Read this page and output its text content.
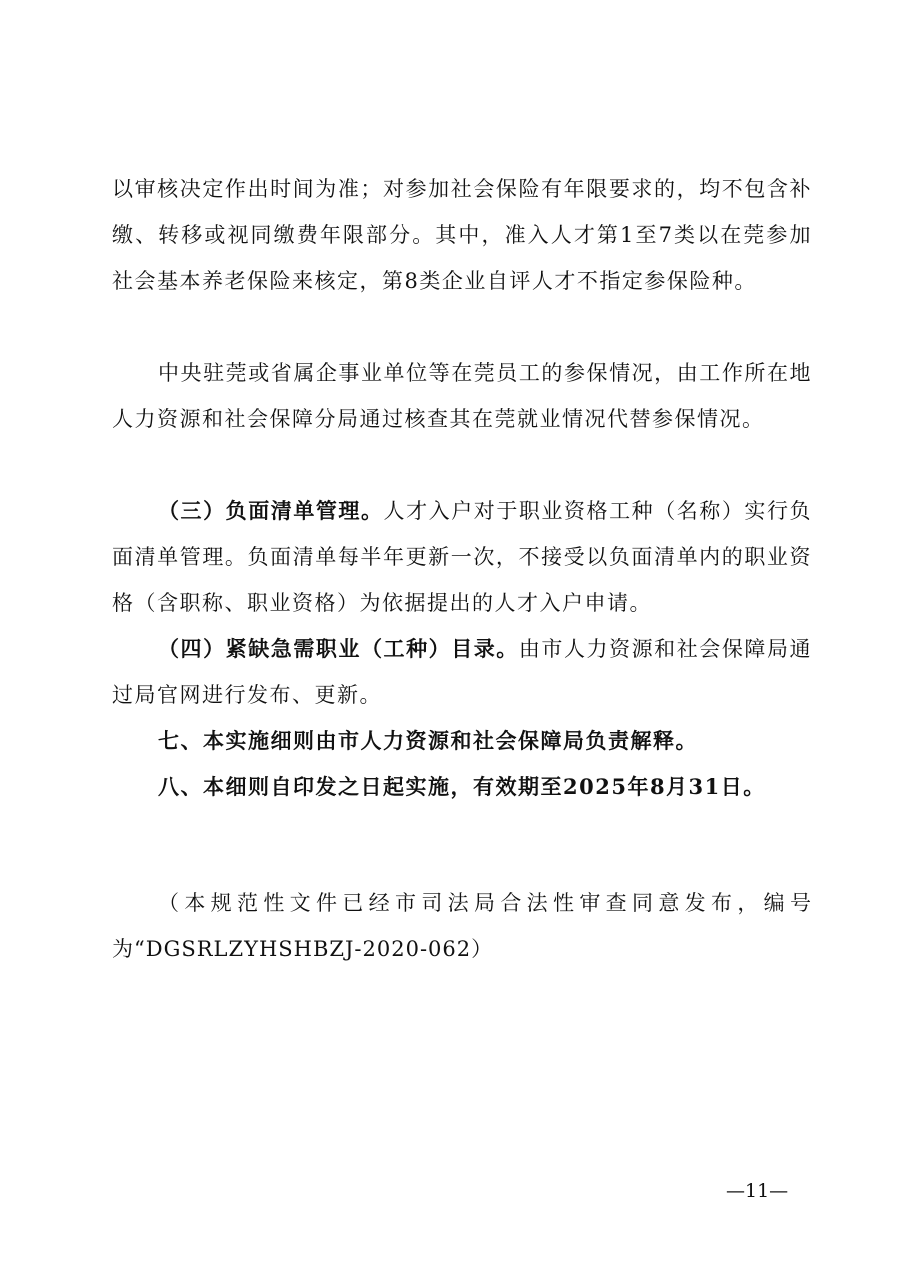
以审核决定作出时间为准；对参加社会保险有年限要求的，均不包含补缴、转移或视同缴费年限部分。其中，准入人才第1至7类以在莞参加社会基本养老保险来核定，第8类企业自评人才不指定参保险种。

中央驻莞或省属企事业单位等在莞员工的参保情况，由工作所在地人力资源和社会保障分局通过核查其在莞就业情况代替参保情况。

（三）负面清单管理。人才入户对于职业资格工种（名称）实行负面清单管理。负面清单每半年更新一次，不接受以负面清单内的职业资格（含职称、职业资格）为依据提出的人才入户申请。

（四）紧缺急需职业（工种）目录。由市人力资源和社会保障局通过局官网进行发布、更新。

七、本实施细则由市人力资源和社会保障局负责解释。

八、本细则自印发之日起实施，有效期至2025年8月31日。

（本规范性文件已经市司法局合法性审查同意发布，编号为“DGSRLZYHSHBZJ-2020-062）

—11—
